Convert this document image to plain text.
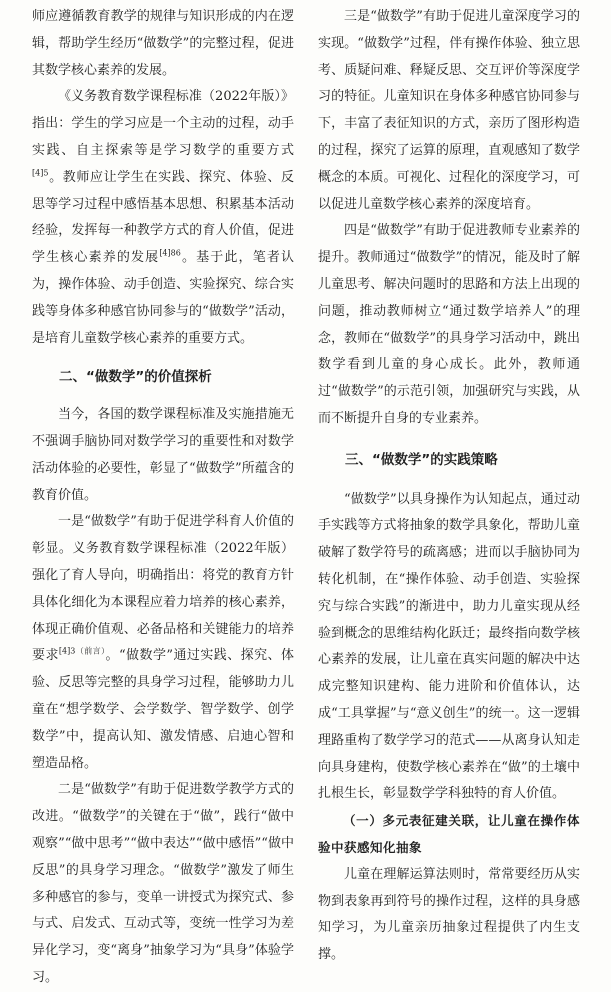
师应遵循教育教学的规律与知识形成的内在逻辑，帮助学生经历“做数学”的完整过程，促进其数学核心素养的发展。

《义务教育数学课程标准（2022年版）》指出：学生的学习应是一个主动的过程，动手实践、自主探索等是学习数学的重要方式$^{[4]5}$。教师应让学生在实践、探究、体验、反思等学习过程中感悟基本思想、积累基本活动经验，发挥每一种教学方式的育人价值，促进学生核心素养的发展$^{[4]86}$。基于此，笔者认为，操作体验、动手创造、实验探究、综合实践等身体多种感官协同参与的“做数学”活动，是培育儿童数学核心素养的重要方式。

二、“做数学”的价值探析

当今，各国的数学课程标准及实施措施无不强调手脑协同对数学学习的重要性和对数学活动体验的必要性，彰显了“做数学”所蕴含的教育价值。

一是“做数学”有助于促进学科育人价值的彰显。义务教育数学课程标准（2022年版）强化了育人导向，明确指出：将党的教育方针具体化细化为本课程应着力培养的核心素养，体现正确价值观、必备品格和关键能力的培养要求$^{[4]3(前言)}$。“做数学”通过实践、探究、体验、反思等完整的具身学习过程，能够助力儿童在“想学数学、会学数学、智学数学、创学数学”中，提高认知、激发情感、启迪心智和塑造品格。

二是“做数学”有助于促进数学教学方式的改进。“做数学”的关键在于“做”，践行“做中观察”“做中思考”“做中表达”“做中感悟”“做中反思”的具身学习理念。“做数学”激发了师生多种感官的参与，变单一讲授式为探究式、参与式、启发式、互动式等，变统一性学习为差异化学习，变“离身”抽象学习为“具身”体验学习。

三是“做数学”有助于促进儿童深度学习的实现。“做数学”过程，伴有操作体验、独立思考、质疑问难、释疑反思、交互评价等深度学习的特征。儿童知识在身体多种感官协同参与下，丰富了表征知识的方式，亲历了图形构造的过程，探究了运算的原理，直观感知了数学概念的本质。可视化、过程化的深度学习，可以促进儿童数学核心素养的深度培育。

四是“做数学”有助于促进教师专业素养的提升。教师通过“做数学”的情况，能及时了解儿童思考、解决问题时的思路和方法上出现的问题，推动教师树立“通过数学培养人”的理念，教师在“做数学”的具身学习活动中，跳出数学看到儿童的身心成长。此外，教师通过“做数学”的示范引领，加强研究与实践，从而不断提升自身的专业素养。

三、“做数学”的实践策略

“做数学”以具身操作为认知起点，通过动手实践等方式将抽象的数学具象化，帮助儿童破解了数学符号的疏离感；进而以手脑协同为转化机制，在“操作体验、动手创造、实验探究与综合实践”的渐进中，助力儿童实现从经验到概念的思维结构化跃迁；最终指向数学核心素养的发展，让儿童在真实问题的解决中达成完整知识建构、能力进阶和价值体认，达成“工具掌握”与“意义创生”的统一。这一逻辑理路重构了数学学习的范式——从离身认知走向具身建构，使数学核心素养在“做”的土壤中扎根生长，彰显数学学科独特的育人价值。

（一）多元表征建关联，让儿童在操作体验中获感知化抽象

儿童在理解运算法则时，常常要经历从实物到表象再到符号的操作过程，这样的具身感知学习，为儿童亲历抽象过程提供了内生支撑。
